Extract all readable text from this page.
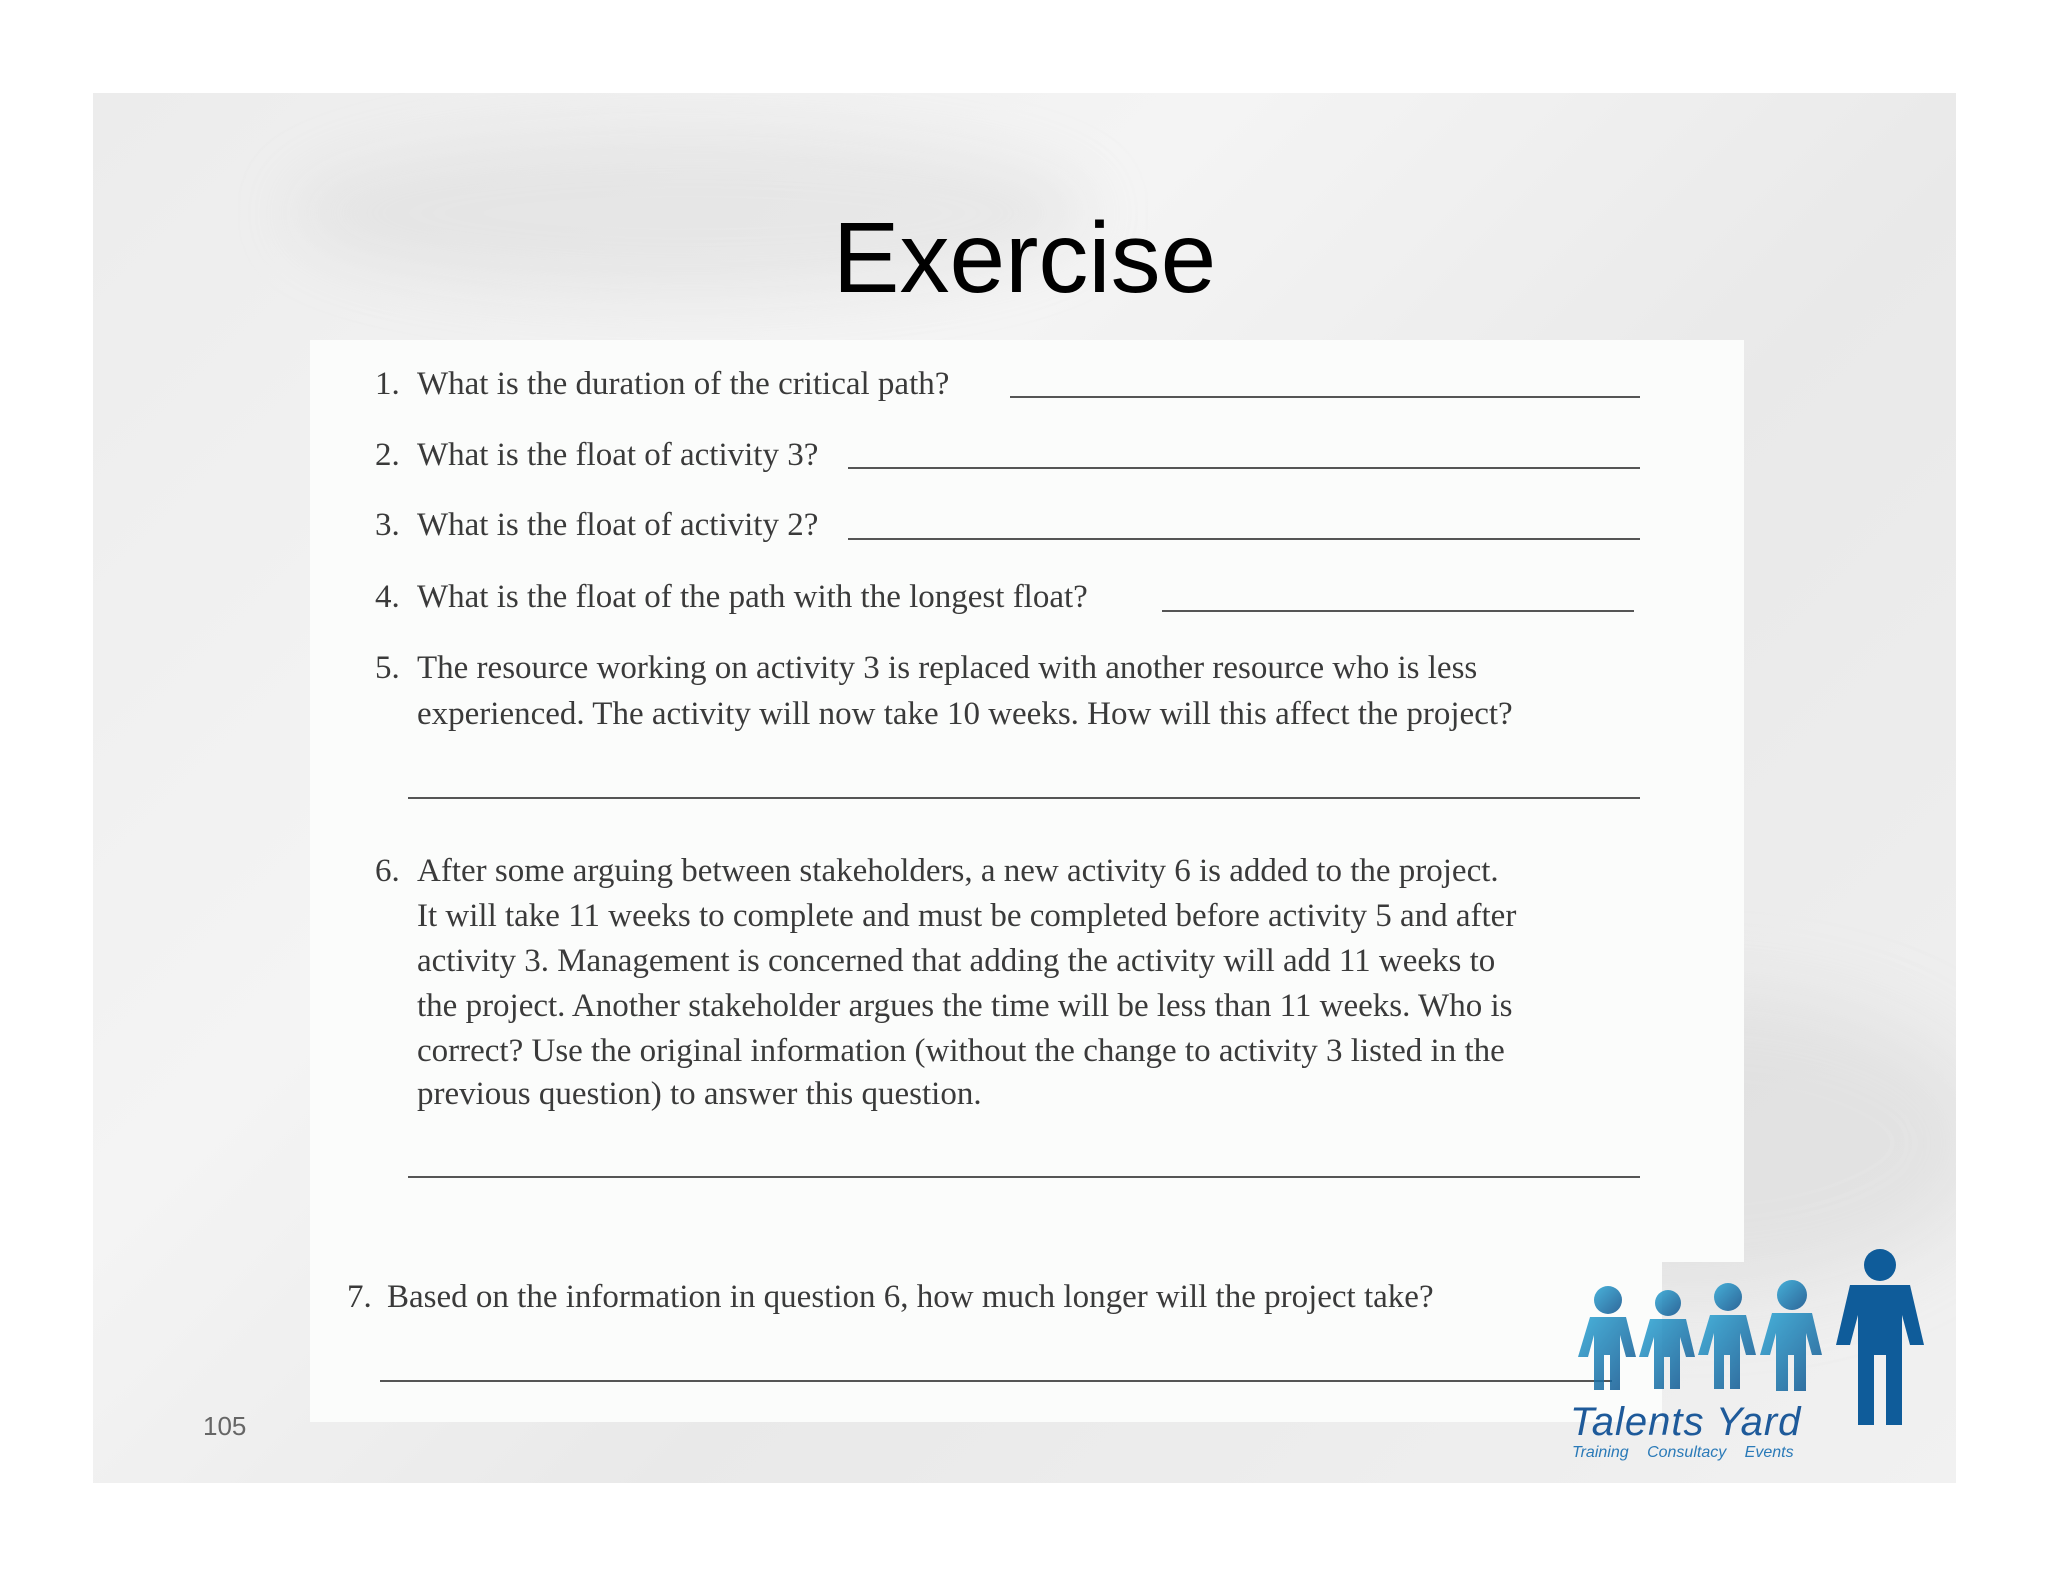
Exercise
105
1. What is the duration of the critical path?
2. What is the float of activity 3?
3. What is the float of activity 2?
4. What is the float of the path with the longest float?
5. The resource working on activity 3 is replaced with another resource who is less
experienced. The activity will now take 10 weeks. How will this affect the project?
6. After some arguing between stakeholders, a new activity 6 is added to the project.
It will take 11 weeks to complete and must be completed before activity 5 and after
activity 3. Management is concerned that adding the activity will add 11 weeks to
the project. Another stakeholder argues the time will be less than 11 weeks. Who is
correct? Use the original information (without the change to activity 3 listed in the
previous question) to answer this question.
7. Based on the information in question 6, how much longer will the project take?
Talents Yard
Training Consultacy Events
